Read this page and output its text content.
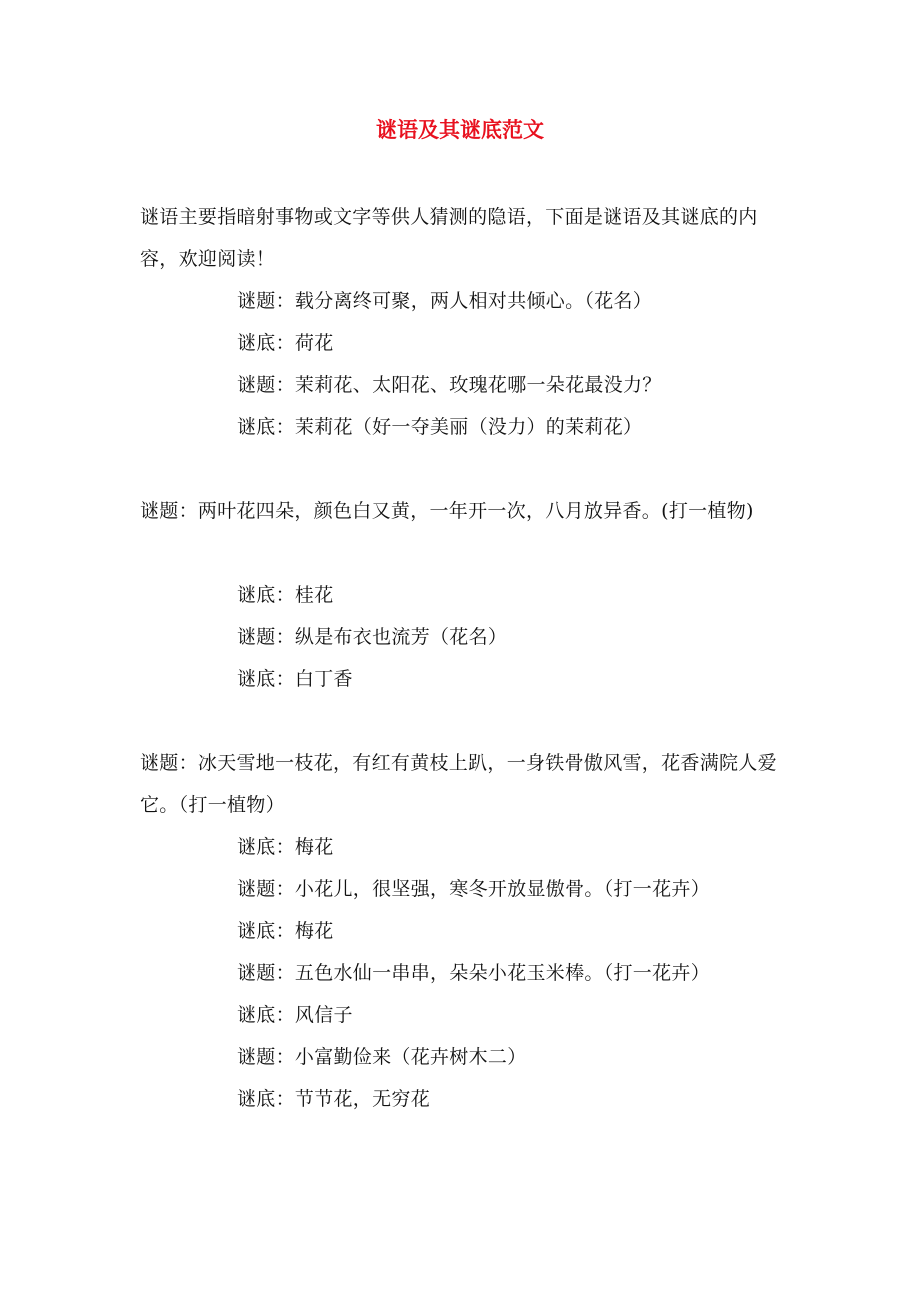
谜语及其谜底范文
谜语主要指暗射事物或文字等供人猜测的隐语，下面是谜语及其谜底的内容，欢迎阅读！
谜题：载分离终可聚，两人相对共倾心。（花名）
谜底：荷花
谜题：茉莉花、太阳花、玫瑰花哪一朵花最没力？
谜底：茉莉花（好一夺美丽（没力）的茉莉花）
谜题：两叶花四朵，颜色白又黄，一年开一次，八月放异香。(打一植物)
谜底：桂花
谜题：纵是布衣也流芳（花名）
谜底：白丁香
谜题：冰天雪地一枝花，有红有黄枝上趴，一身铁骨傲风雪，花香满院人爱它。（打一植物）
谜底：梅花
谜题：小花儿，很坚强，寒冬开放显傲骨。（打一花卉）
谜底：梅花
谜题：五色水仙一串串，朵朵小花玉米棒。（打一花卉）
谜底：风信子
谜题：小富勤俭来（花卉树木二）
谜底：节节花，无穷花
